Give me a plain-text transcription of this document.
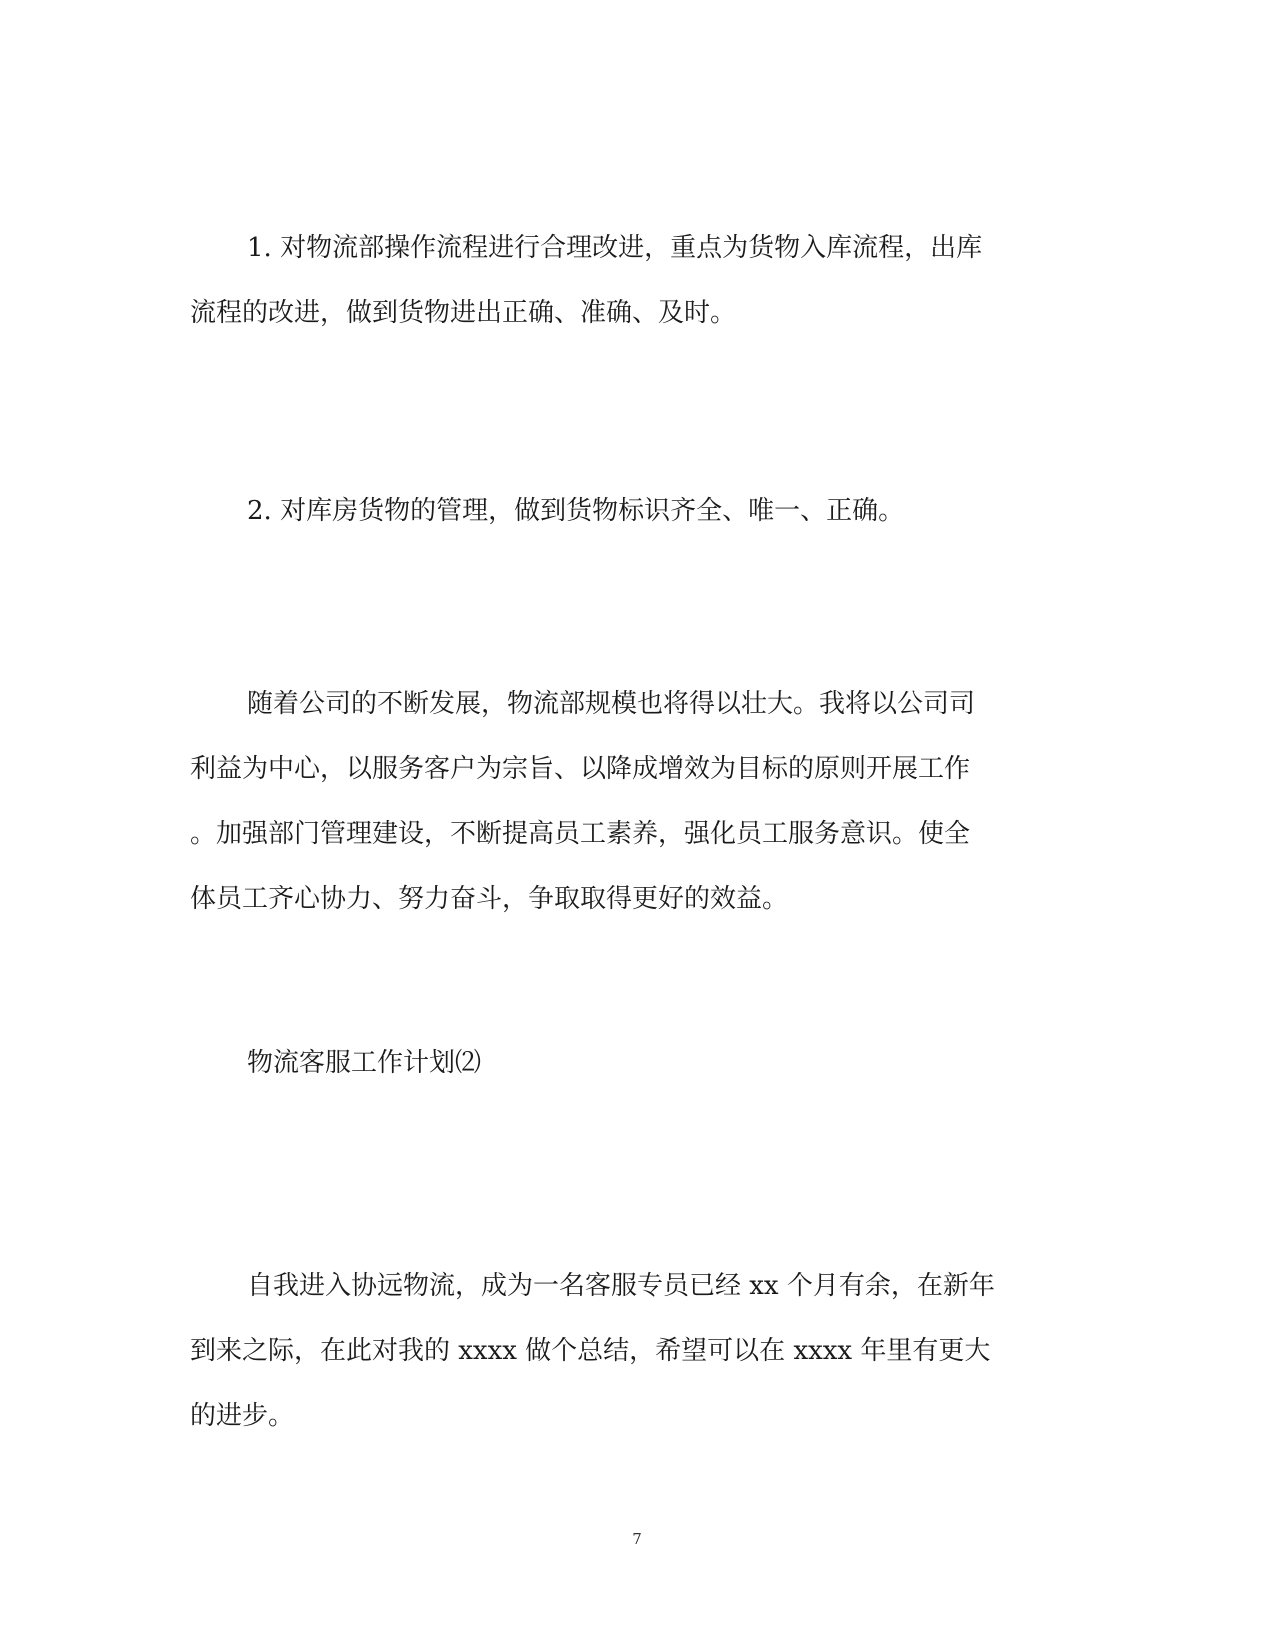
1. 对物流部操作流程进行合理改进，重点为货物入库流程，出库
流程的改进，做到货物进出正确、准确、及时。
2. 对库房货物的管理，做到货物标识齐全、唯一、正确。
随着公司的不断发展，物流部规模也将得以壮大。我将以公司司
利益为中心，以服务客户为宗旨、以降成增效为目标的原则开展工作
。加强部门管理建设，不断提高员工素养，强化员工服务意识。使全
体员工齐心协力、努力奋斗，争取取得更好的效益。
物流客服工作计划⑵
自我进入协远物流，成为一名客服专员已经 xx 个月有余，在新年
到来之际，在此对我的 xxxx 做个总结，希望可以在 xxxx 年里有更大
的进步。
7
